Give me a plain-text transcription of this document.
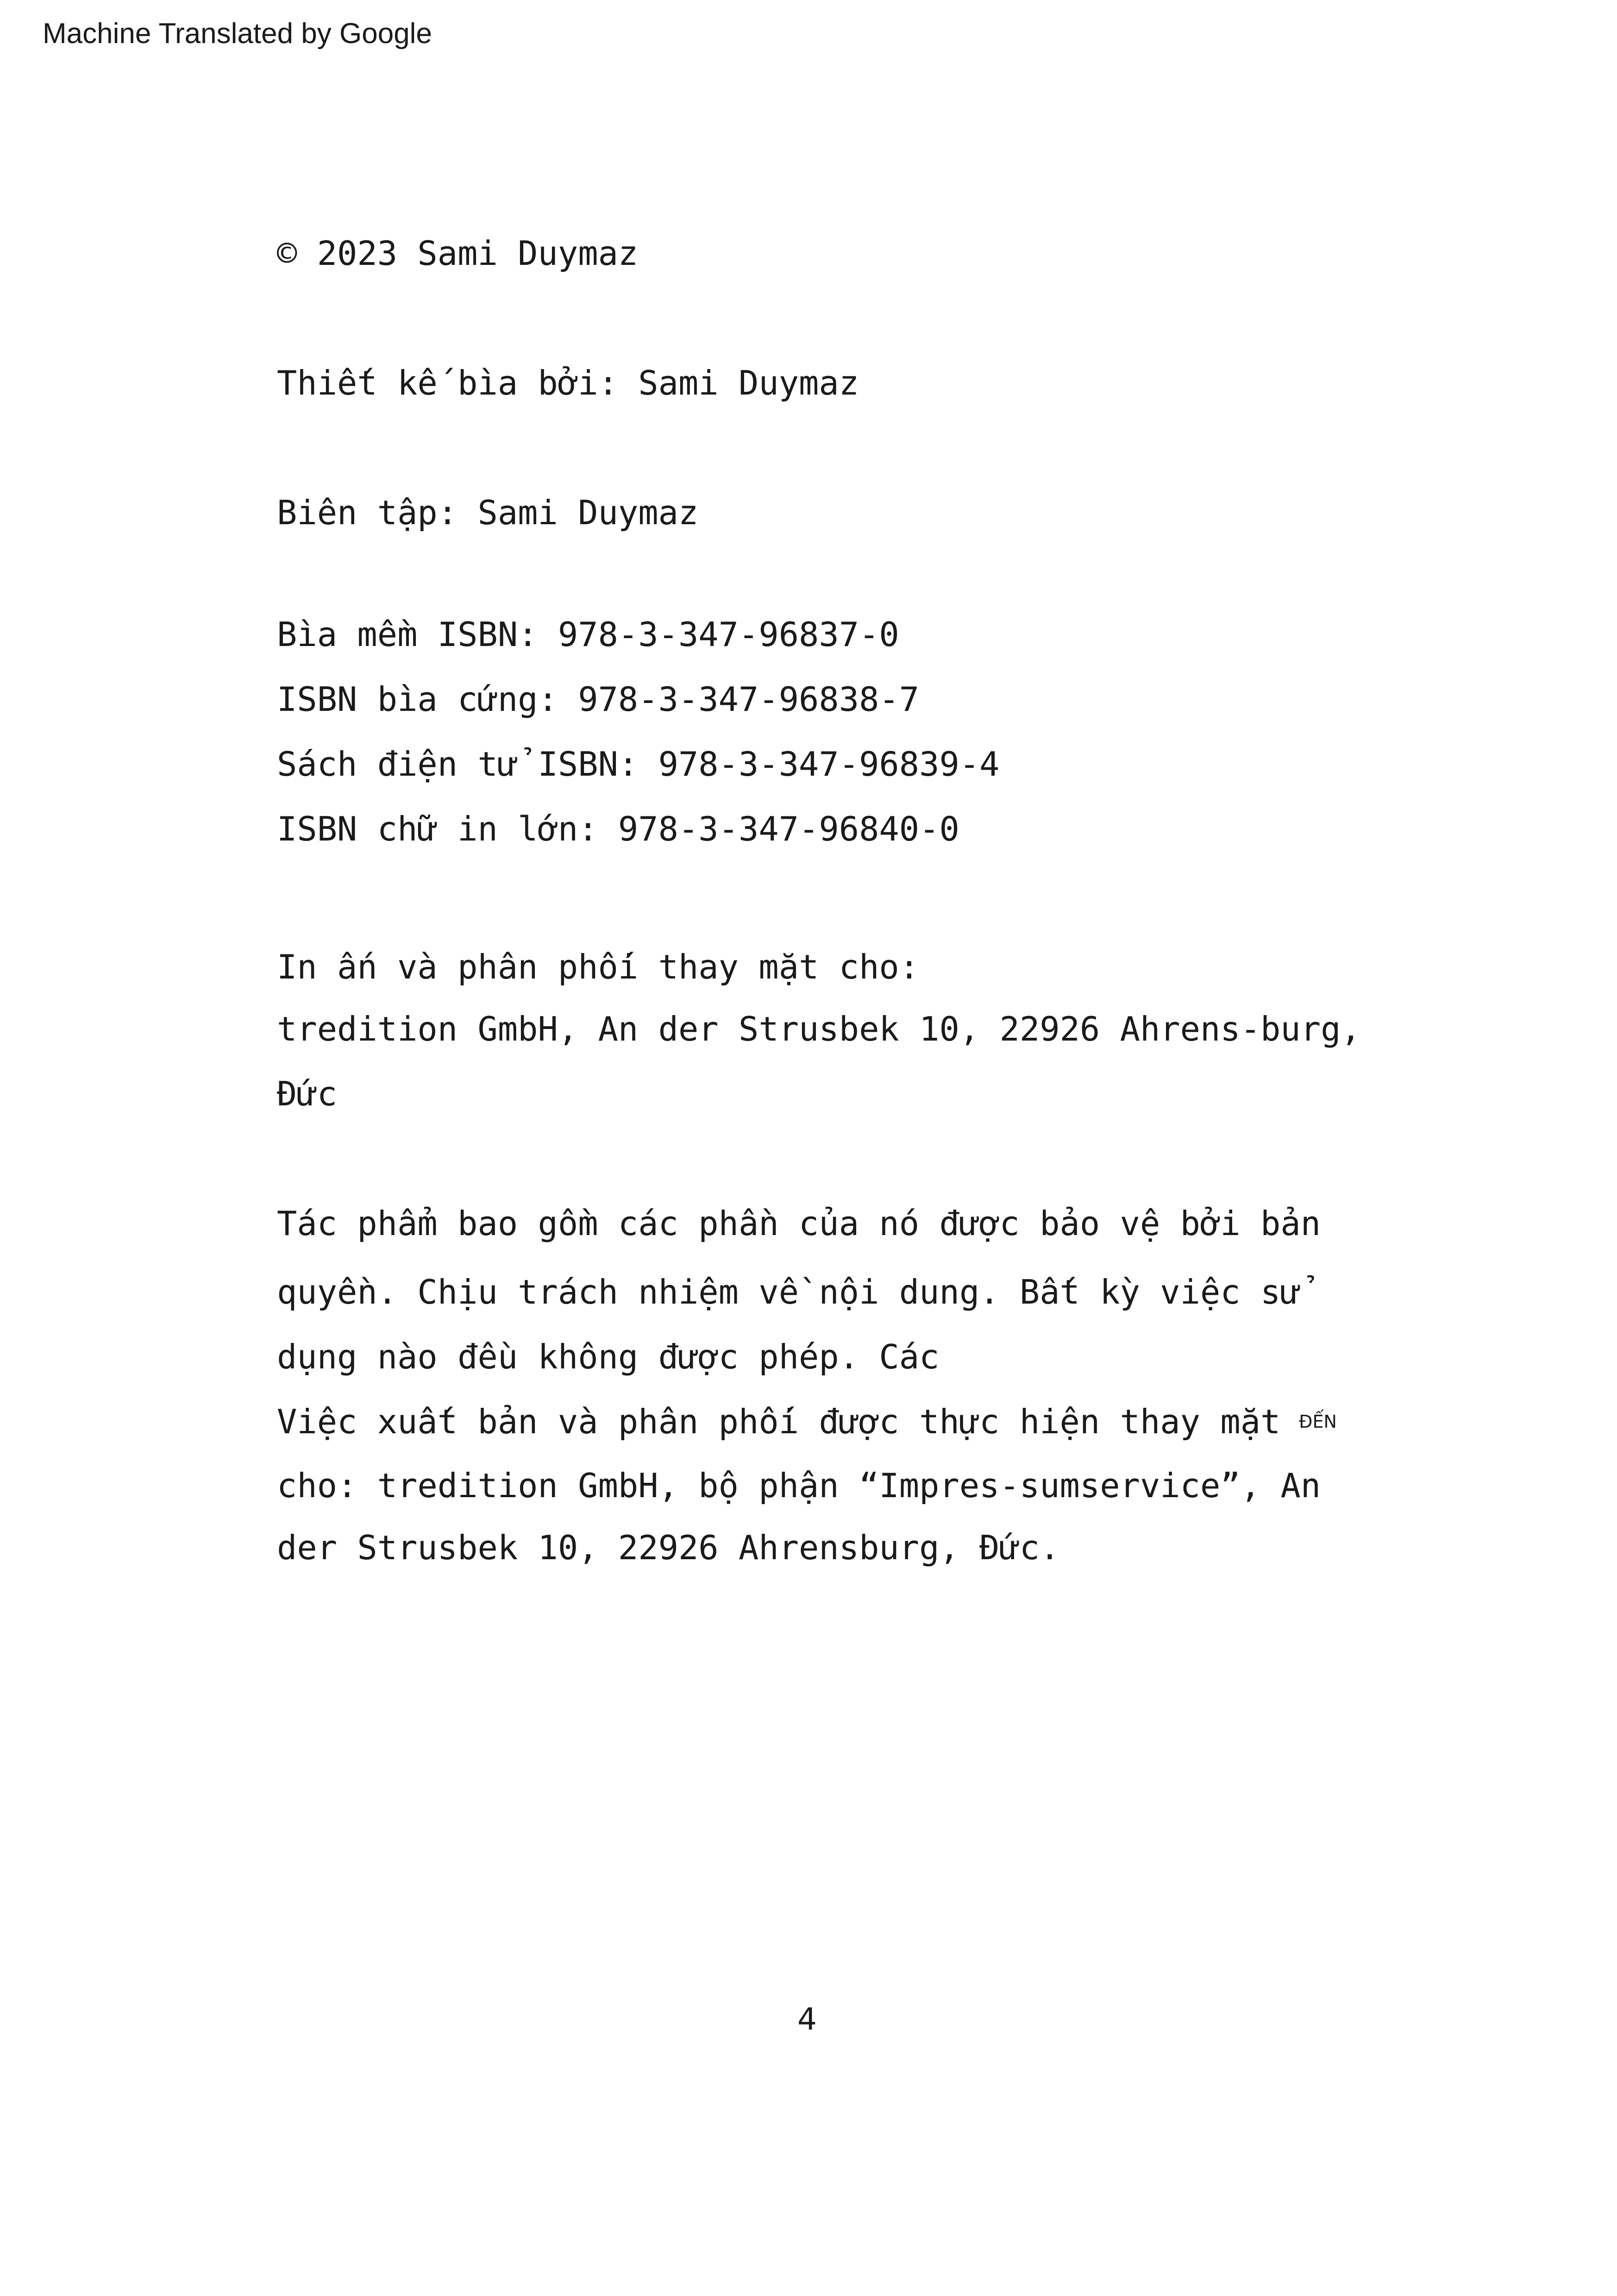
Machine Translated by Google
© 2023 Sami Duymaz
Thiết kế bìa bởi: Sami Duymaz
Biên tập: Sami Duymaz
Bìa mềm ISBN: 978-3-347-96837-0
ISBN bìa cứng: 978-3-347-96838-7
Sách điện tử ISBN: 978-3-347-96839-4
ISBN chữ in lớn: 978-3-347-96840-0
In ấn và phân phối thay mặt cho:
tredition GmbH, An der Strusbek 10, 22926 Ahrens-burg,
Đức
Tác phẩm bao gồm các phần của nó được bảo vệ bởi bản
quyền. Chịu trách nhiệm về nội dung. Bất kỳ việc sử
dụng nào đều không được phép. Các
Việc xuất bản và phân phối được thực hiện thay mặt
cho: tredition GmbH, bộ phận “Impres-sumservice”, An
der Strusbek 10, 22926 Ahrensburg, Đức.
ĐẾN
4
